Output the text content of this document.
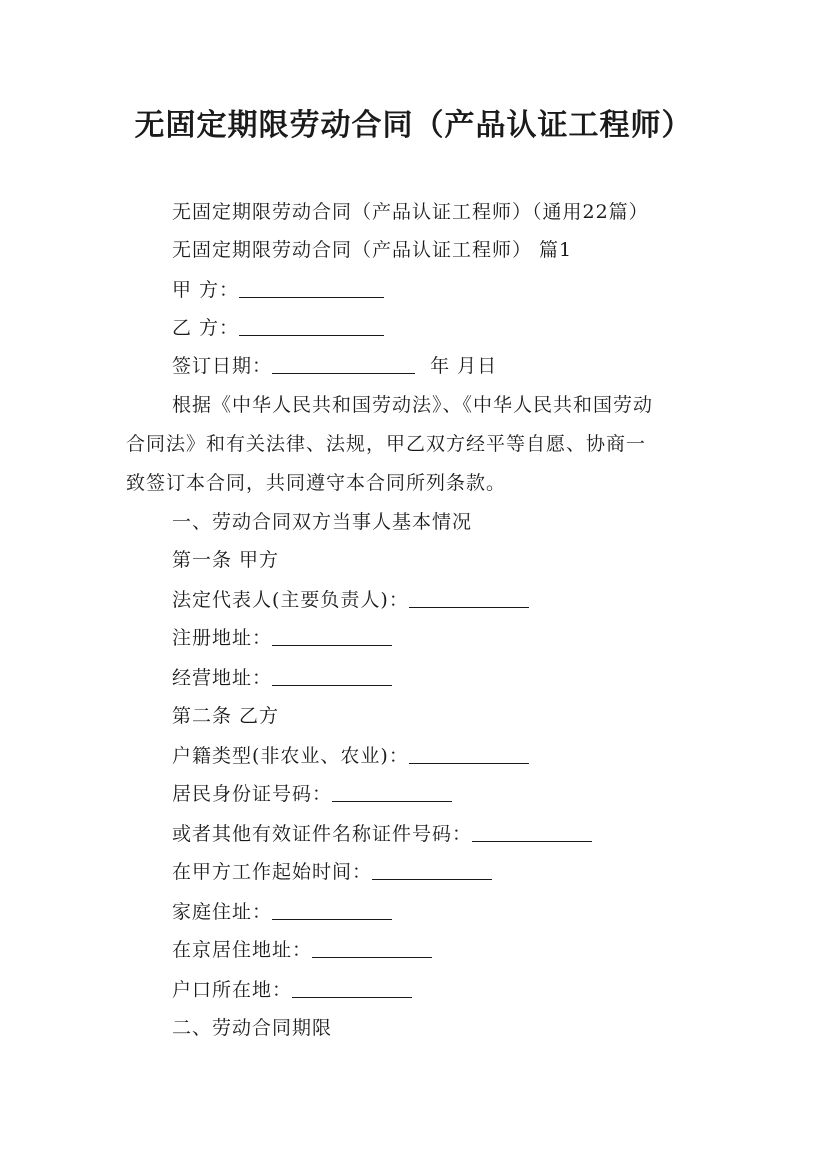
无固定期限劳动合同（产品认证工程师）
无固定期限劳动合同（产品认证工程师）（通用22篇）
无固定期限劳动合同（产品认证工程师） 篇1
甲 方：
乙 方：
签订日期：	年 月日
根据《中华人民共和国劳动法》、《中华人民共和国劳动
合同法》和有关法律、法规，甲乙双方经平等自愿、协商一
致签订本合同，共同遵守本合同所列条款。
一、劳动合同双方当事人基本情况
第一条 甲方
法定代表人(主要负责人)：
注册地址：
经营地址：
第二条 乙方
户籍类型(非农业、农业)：
居民身份证号码：
或者其他有效证件名称证件号码：
在甲方工作起始时间：
家庭住址：
在京居住地址：
户口所在地：
二、劳动合同期限
